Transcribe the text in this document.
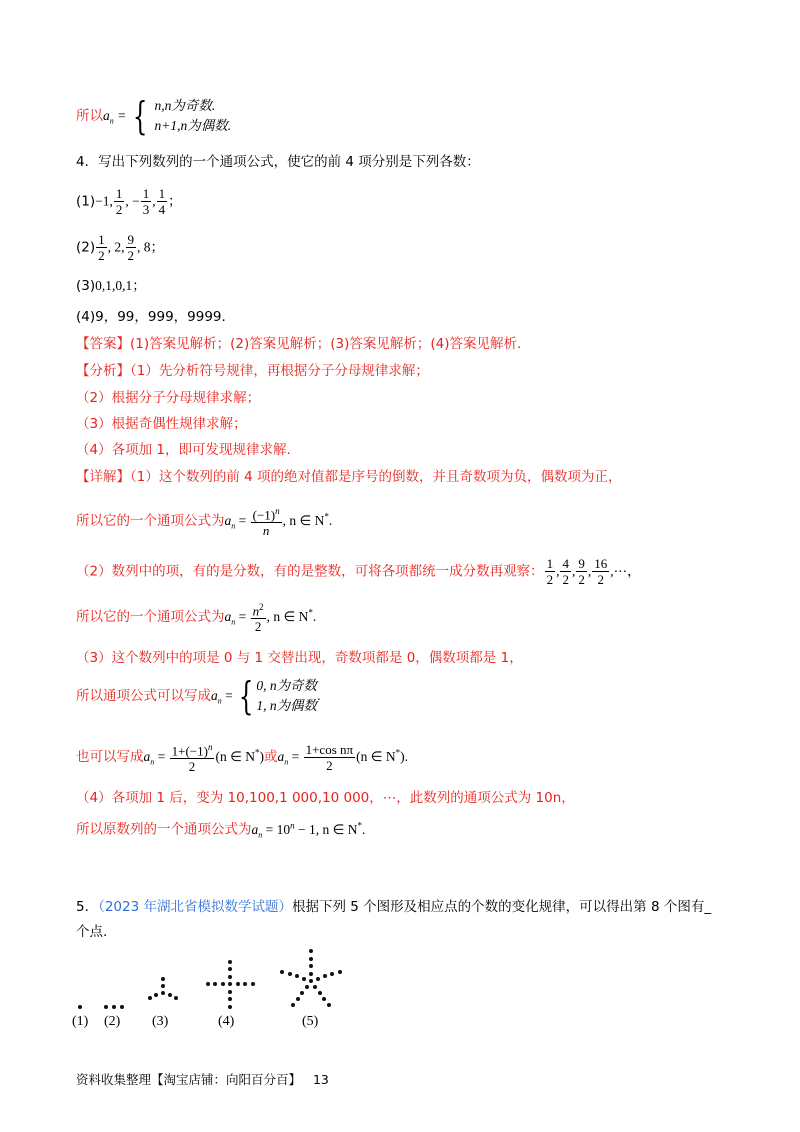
所以$a_n$ = { n,n为奇数.
n+1,n为偶数.
4．写出下列数列的一个通项公式，使它的前 4 项分别是下列各数：
(1)−1, $\frac{1}{2}$ , − $\frac{1}{3}$ , $\frac{1}{4}$ ；
$(2) \frac{1}{2}$ , 2, $\frac{9}{2}$ , 8；
(3)0,1,0,1；
(4)9，99，999，9999.
【答案】(1)答案见解析；(2)答案见解析；(3)答案见解析；(4)答案见解析.
【分析】（1）先分析符号规律，再根据分子分母规律求解；
（2）根据分子分母规律求解；
（3）根据奇偶性规律求解；
（4）各项加 1，即可发现规律求解.
【详解】（1）这个数列的前 4 项的绝对值都是序号的倒数，并且奇数项为负，偶数项为正，
所以它的一个通项公式为$a_n = \frac{(-1)^n}{n}$ , n ∈ N*.
（2）数列中的项，有的是分数，有的是整数，可将各项都统一成分数再观察： $\frac{1}{2}$ , $\frac{4}{2}$ , $\frac{9}{2}$ , $\frac{16}{2}$ ,⋯，
所以它的一个通项公式为$a_n = \frac{n^2}{2}$ , n ∈ N*.
（3）这个数列中的项是 0 与 1 交替出现，奇数项都是 0，偶数项都是 1，
所以通项公式可以写成$a_n$ = { 0, n为奇数
1, n为偶数
.
也可以写成$a_n = \frac{1+(-1)^n}{2} (n$ ∈ N*)或$a_n = \frac{\text{1+cos nπ}}{2} (n$ ∈ N*).
（4）各项加 1 后，变为 10,100,1 000,10 000，⋯，此数列的通项公式为 10n，
所以原数列的一个通项公式为$a_n = 10^n - 1$, n ∈ N*.
5．（2023 年湖北省模拟数学试题）根据下列 5 个图形及相应点的个数的变化规律，可以得出第 8 个图有_
个点.
(1) (2) (3)	(4)	(5)
资料收集整理【淘宝店铺：向阳百分百】 13
